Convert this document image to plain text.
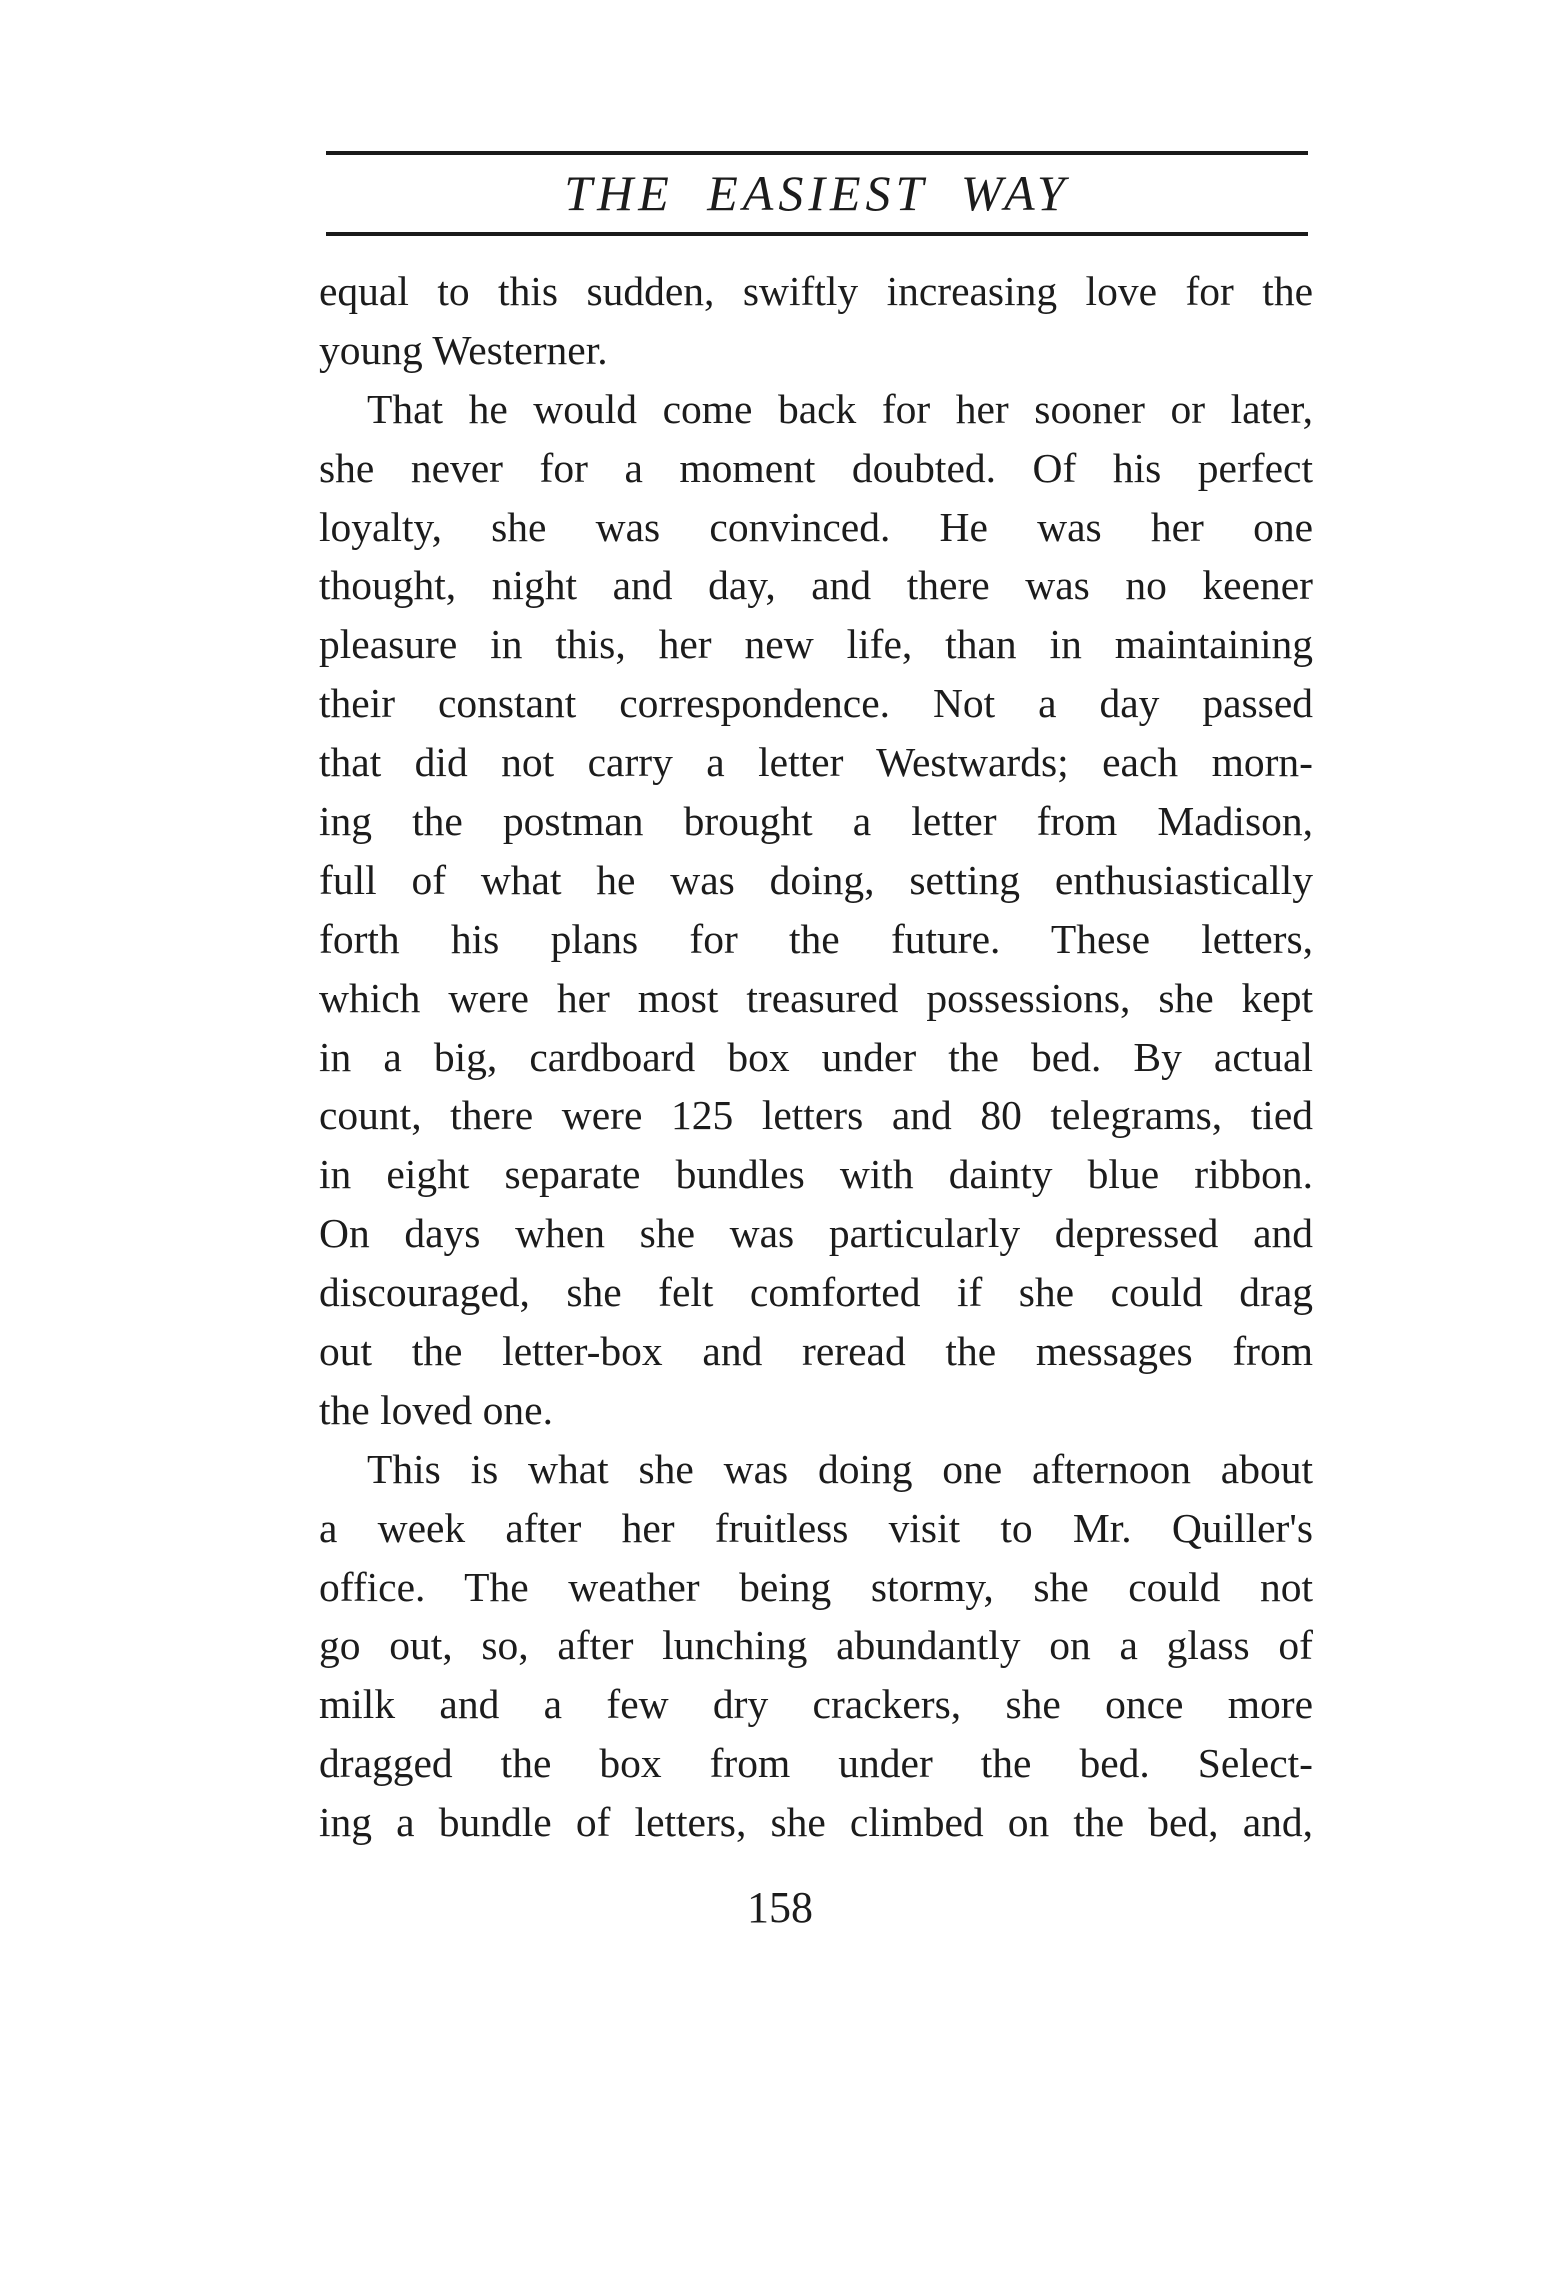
THE EASIEST WAY
equal to this sudden, swiftly increasing love for the
young Westerner.
That he would come back for her sooner or later,
she never for a moment doubted. Of his perfect
loyalty, she was convinced. He was her one
thought, night and day, and there was no keener
pleasure in this, her new life, than in maintaining
their constant correspondence. Not a day passed
that did not carry a letter Westwards; each morn-
ing the postman brought a letter from Madison,
full of what he was doing, setting enthusiastically
forth his plans for the future. These letters,
which were her most treasured possessions, she kept
in a big, cardboard box under the bed. By actual
count, there were 125 letters and 80 telegrams, tied
in eight separate bundles with dainty blue ribbon.
On days when she was particularly depressed and
discouraged, she felt comforted if she could drag
out the letter-box and reread the messages from
the loved one.
This is what she was doing one afternoon about
a week after her fruitless visit to Mr. Quiller's
office. The weather being stormy, she could not
go out, so, after lunching abundantly on a glass of
milk and a few dry crackers, she once more
dragged the box from under the bed. Select-
ing a bundle of letters, she climbed on the bed, and,
158
